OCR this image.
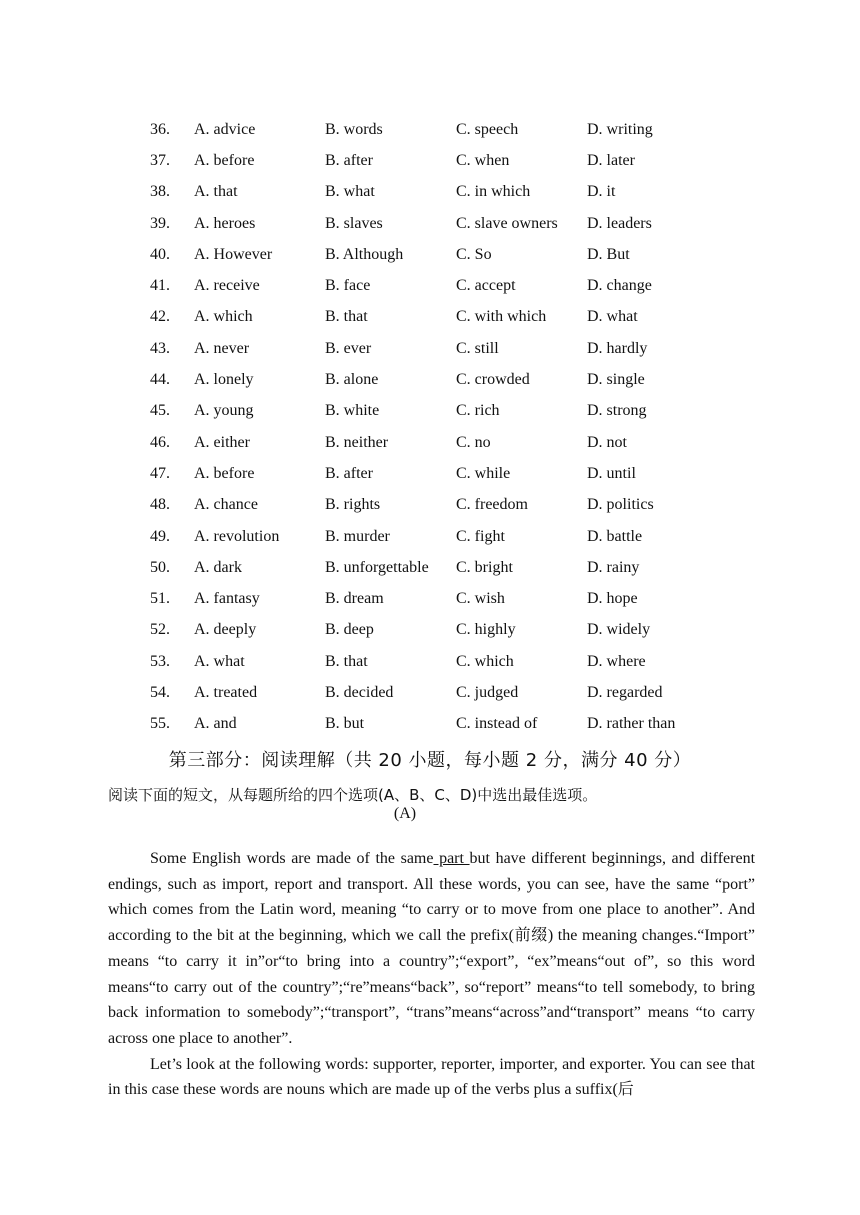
36.	A. advice	B. words	C. speech	D. writing
37.	A. before	B. after	C. when	D. later
38.	A. that	B. what	C. in which	D. it
39.	A. heroes	B. slaves	C. slave owners	D. leaders
40.	A. However	B. Although	C. So	D. But
41.	A. receive	B. face	C. accept	D. change
42.	A. which	B. that	C. with which	D. what
43.	A. never	B. ever	C. still	D. hardly
44.	A. lonely	B. alone	C. crowded	D. single
45.	A. young	B. white	C. rich	D. strong
46.	A. either	B. neither	C. no	D. not
47.	A. before	B. after	C. while	D. until
48.	A. chance	B. rights	C. freedom	D. politics
49.	A. revolution	B. murder	C. fight	D. battle
50.	A. dark	B. unforgettable	C. bright	D. rainy
51.	A. fantasy	B. dream	C. wish	D. hope
52.	A. deeply	B. deep	C. highly	D. widely
53.	A. what	B. that	C. which	D. where
54.	A. treated	B. decided	C. judged	D. regarded
55.	A. and	B. but	C. instead of	D. rather than
第三部分：阅读理解（共 20 小题，每小题 2 分，满分 40 分）
阅读下面的短文，从每题所给的四个选项(A、B、C、D)中选出最佳选项。
(A)

Some English words are made of the same part but have different beginnings, and different endings, such as import, report and transport. All these words, you can see, have the same “port” which comes from the Latin word, meaning “to carry or to move from one place to another”. And according to the bit at the beginning, which we call the prefix(前缀) the meaning changes.“Import” means “to carry it in”or“to bring into a country”;“export”, “ex”means“out of”, so this word means“to carry out of the country”;“re”means“back”, so“report” means“to tell somebody, to bring back information to somebody”;“transport”, “trans”means“across”and“transport” means “to carry across one place to another”.

Let’s look at the following words: supporter, reporter, importer, and exporter. You can see that in this case these words are nouns which are made up of the verbs plus a suffix(后
